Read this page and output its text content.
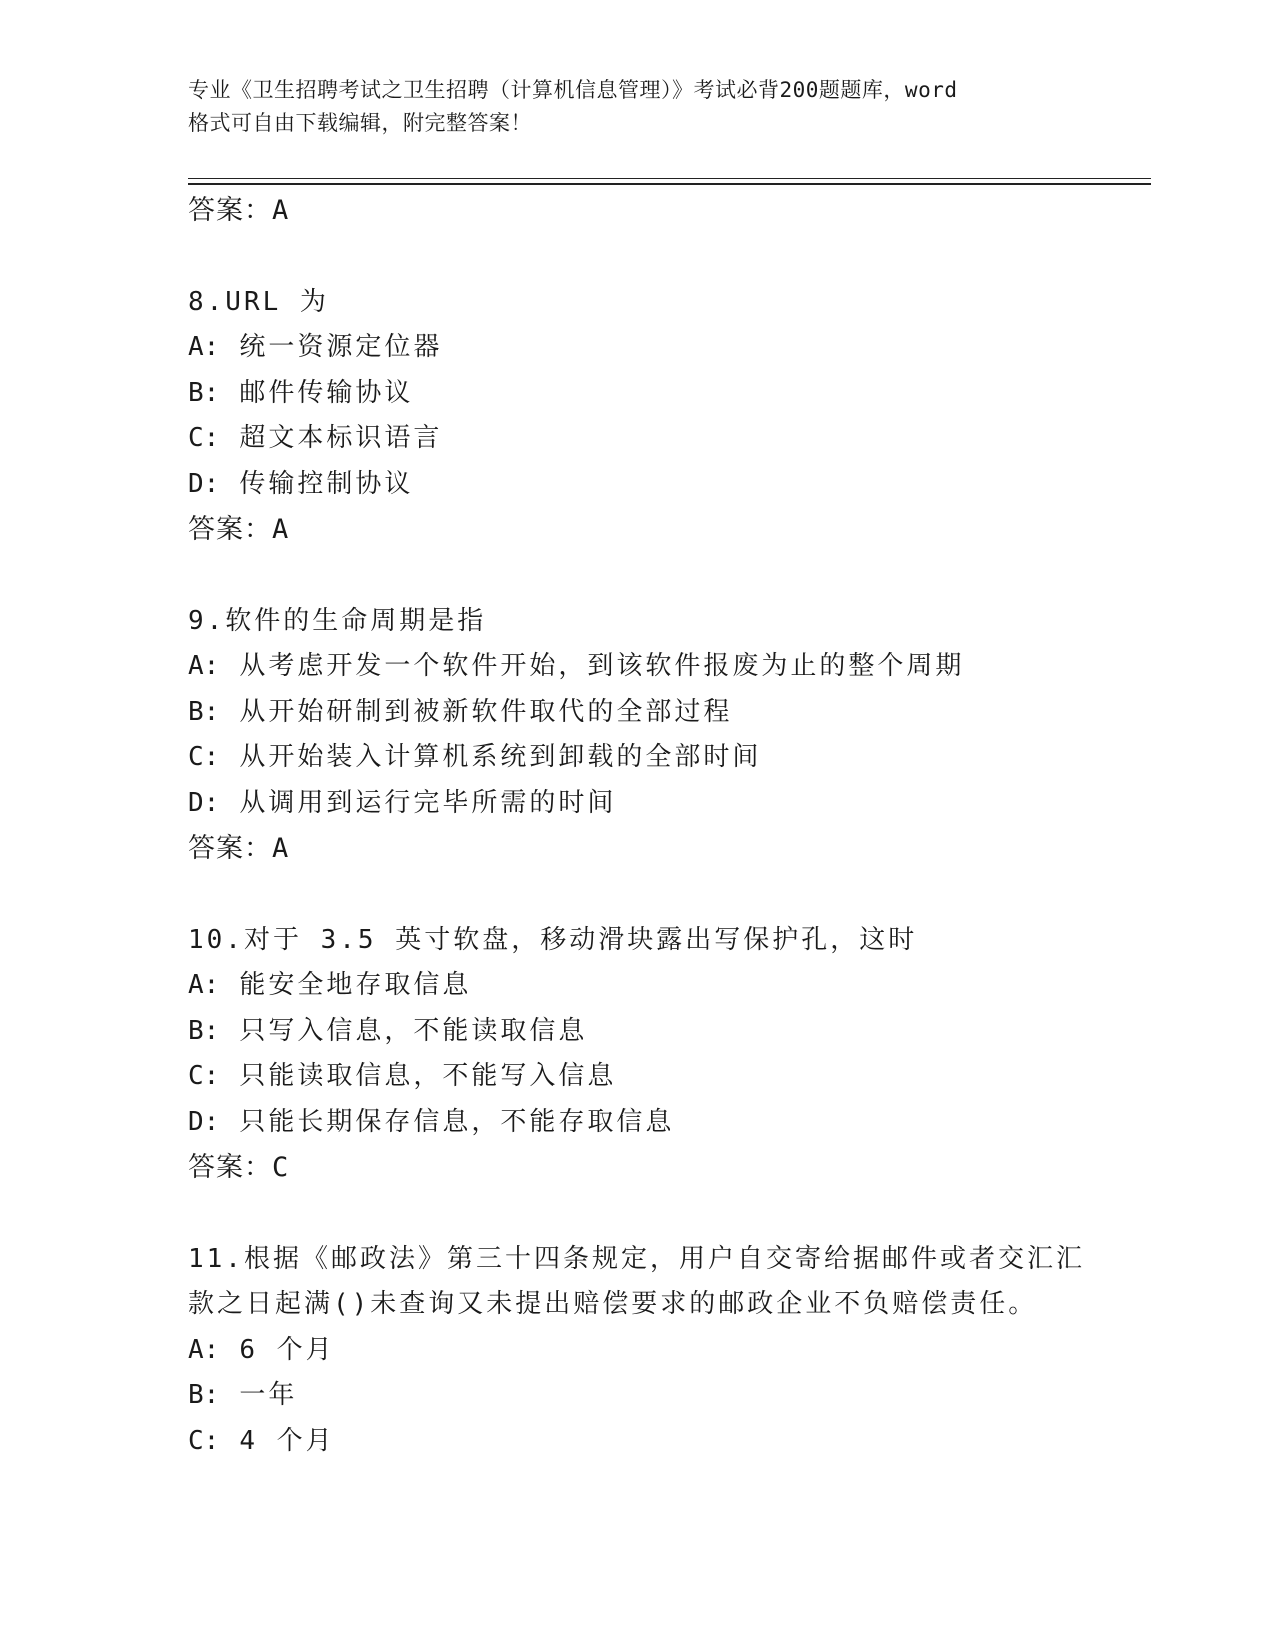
专业《卫生招聘考试之卫生招聘（计算机信息管理）》考试必背200题题库，word
格式可自由下载编辑，附完整答案！
答案：A
8.URL 为
A: 统一资源定位器
B: 邮件传输协议
C: 超文本标识语言
D: 传输控制协议
答案：A
9.软件的生命周期是指
A: 从考虑开发一个软件开始，到该软件报废为止的整个周期
B: 从开始研制到被新软件取代的全部过程
C: 从开始装入计算机系统到卸载的全部时间
D: 从调用到运行完毕所需的时间
答案：A
10.对于 3.5 英寸软盘，移动滑块露出写保护孔，这时
A: 能安全地存取信息
B: 只写入信息，不能读取信息
C: 只能读取信息，不能写入信息
D: 只能长期保存信息，不能存取信息
答案：C
11.根据《邮政法》第三十四条规定，用户自交寄给据邮件或者交汇汇
款之日起满()未查询又未提出赔偿要求的邮政企业不负赔偿责任。
A: 6 个月
B: 一年
C: 4 个月
